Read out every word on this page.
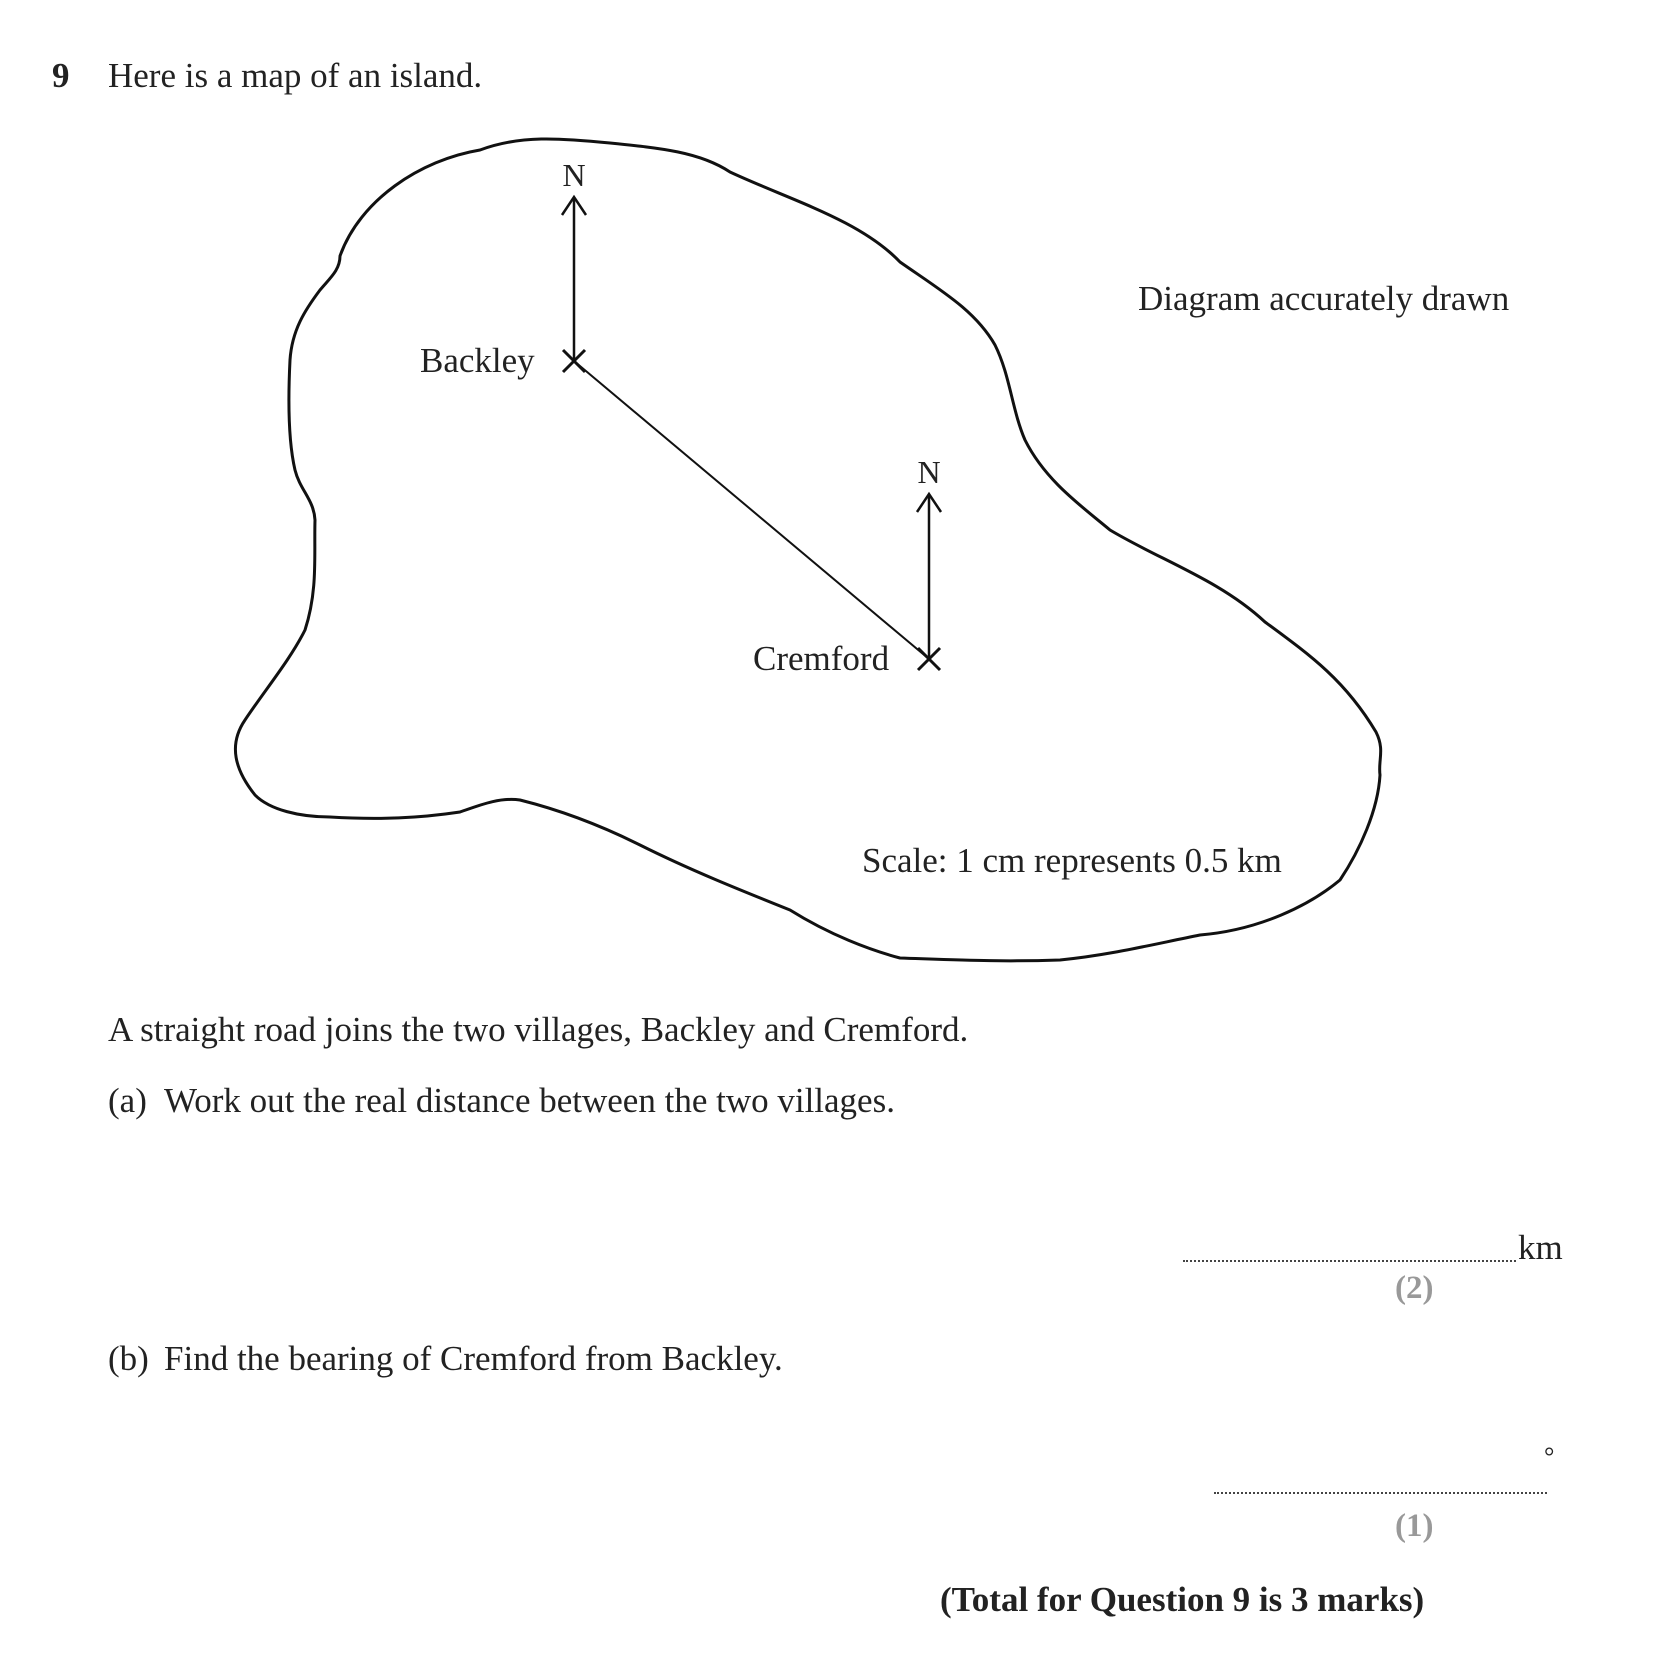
9 Here is a map of an island.
N
Backley
N
Cremford
Diagram accurately drawn
Scale: 1 cm represents 0.5 km
A straight road joins the two villages, Backley and Cremford.
(a) Work out the real distance between the two villages.
km
(2)
(b) Find the bearing of Cremford from Backley.
°
(1)
(Total for Question 9 is 3 marks)
